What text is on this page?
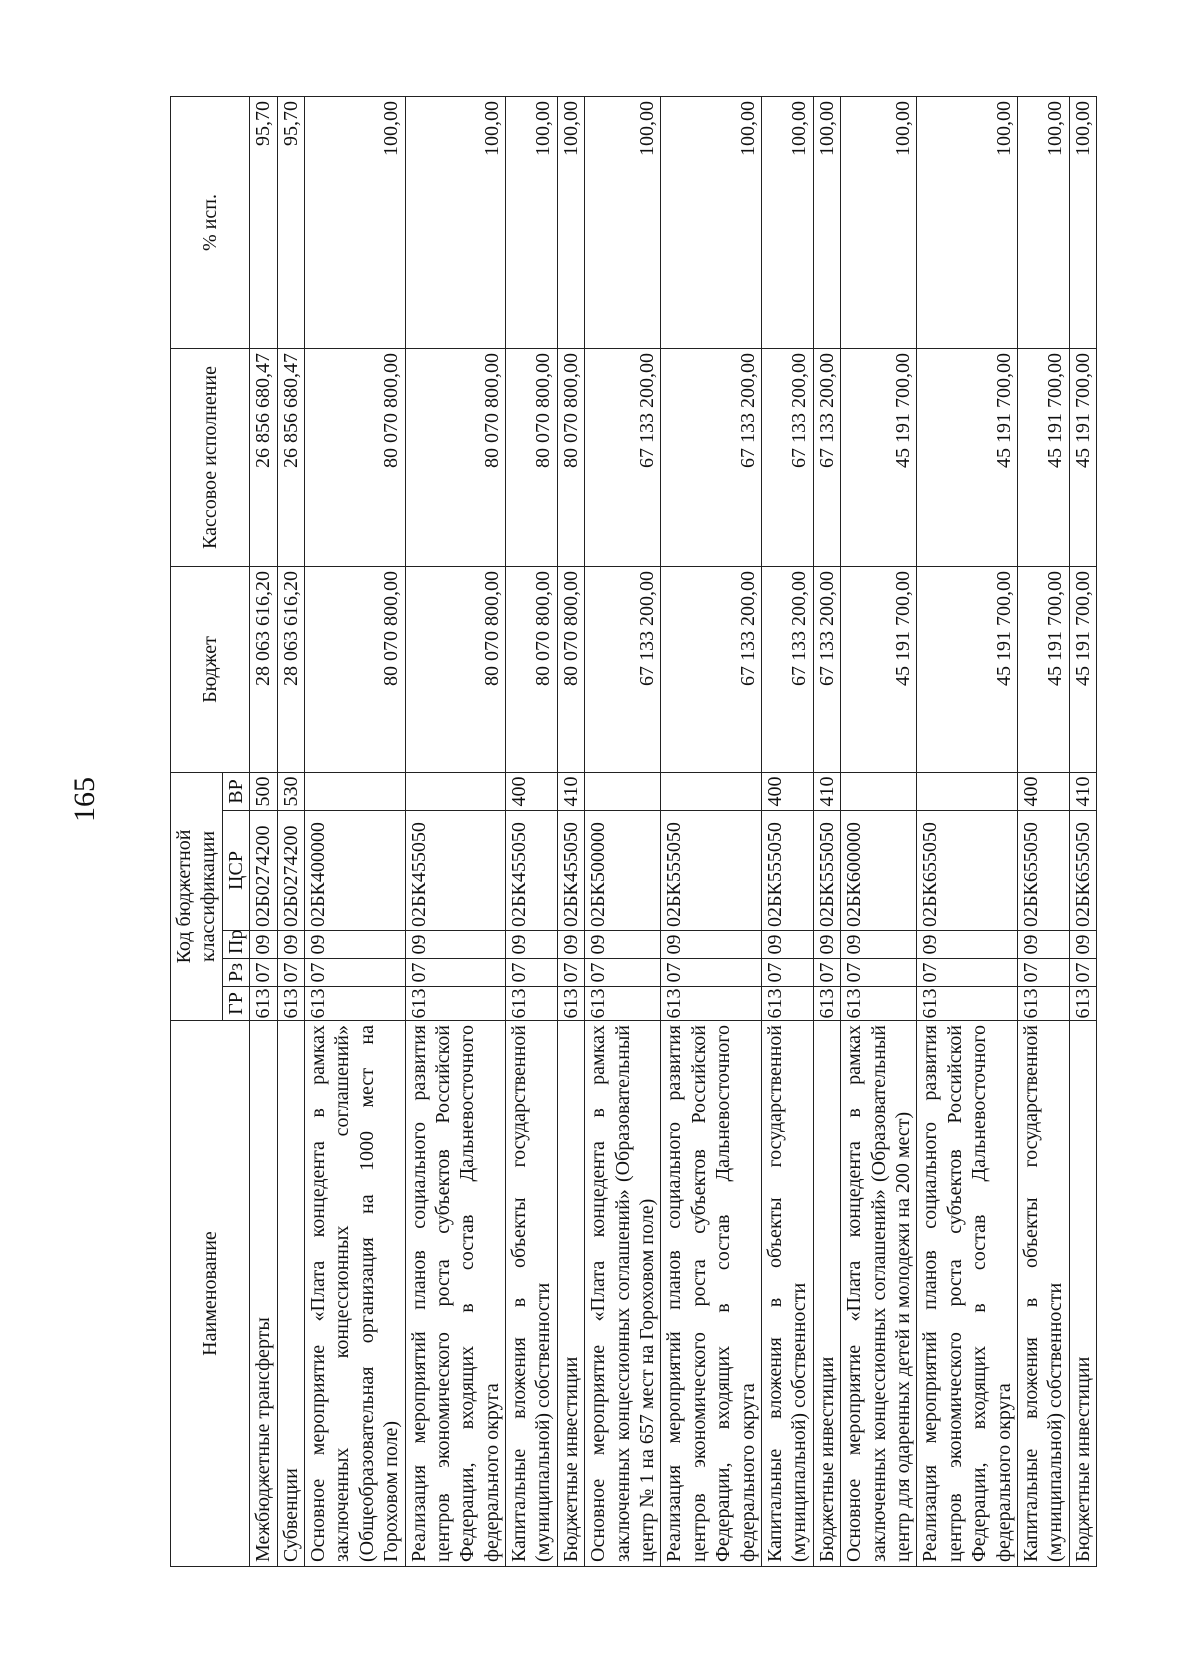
165
Наименование	Код бюджетной классификации					Бюджет	Кассовое исполнение	% исп.
	ГР	Рз	Пр	ЦСР	ВР			
Межбюджетные трансферты	613	07	09	02Б0274200	500	28 063 616,20	26 856 680,47	95,70
Субвенции	613	07	09	02Б0274200	530	28 063 616,20	26 856 680,47	95,70
Основное мероприятие «Плата концедента в рамках заключенных концессионных соглашений» (Общеобразовательная организация на 1000 мест на Гороховом поле)	613	07	09	02БК400000		80 070 800,00	80 070 800,00	100,00
Реализация мероприятий планов социального развития центров экономического роста субъектов Российской Федерации, входящих в состав Дальневосточного федерального округа	613	07	09	02БК455050		80 070 800,00	80 070 800,00	100,00
Капитальные вложения в объекты государственной (муниципальной) собственности	613	07	09	02БК455050	400	80 070 800,00	80 070 800,00	100,00
Бюджетные инвестиции	613	07	09	02БК455050	410	80 070 800,00	80 070 800,00	100,00
Основное мероприятие «Плата концедента в рамках заключенных концессионных соглашений» (Образовательный центр № 1 на 657 мест на Гороховом поле)	613	07	09	02БК500000		67 133 200,00	67 133 200,00	100,00
Реализация мероприятий планов социального развития центров экономического роста субъектов Российской Федерации, входящих в состав Дальневосточного федерального округа	613	07	09	02БК555050		67 133 200,00	67 133 200,00	100,00
Капитальные вложения в объекты государственной (муниципальной) собственности	613	07	09	02БК555050	400	67 133 200,00	67 133 200,00	100,00
Бюджетные инвестиции	613	07	09	02БК555050	410	67 133 200,00	67 133 200,00	100,00
Основное мероприятие «Плата концедента в рамках заключенных концессионных соглашений» (Образовательный центр для одаренных детей и молодежи на 200 мест)	613	07	09	02БК600000		45 191 700,00	45 191 700,00	100,00
Реализация мероприятий планов социального развития центров экономического роста субъектов Российской Федерации, входящих в состав Дальневосточного федерального округа	613	07	09	02БК655050		45 191 700,00	45 191 700,00	100,00
Капитальные вложения в объекты государственной (муниципальной) собственности	613	07	09	02БК655050	400	45 191 700,00	45 191 700,00	100,00
Бюджетные инвестиции	613	07	09	02БК655050	410	45 191 700,00	45 191 700,00	100,00
